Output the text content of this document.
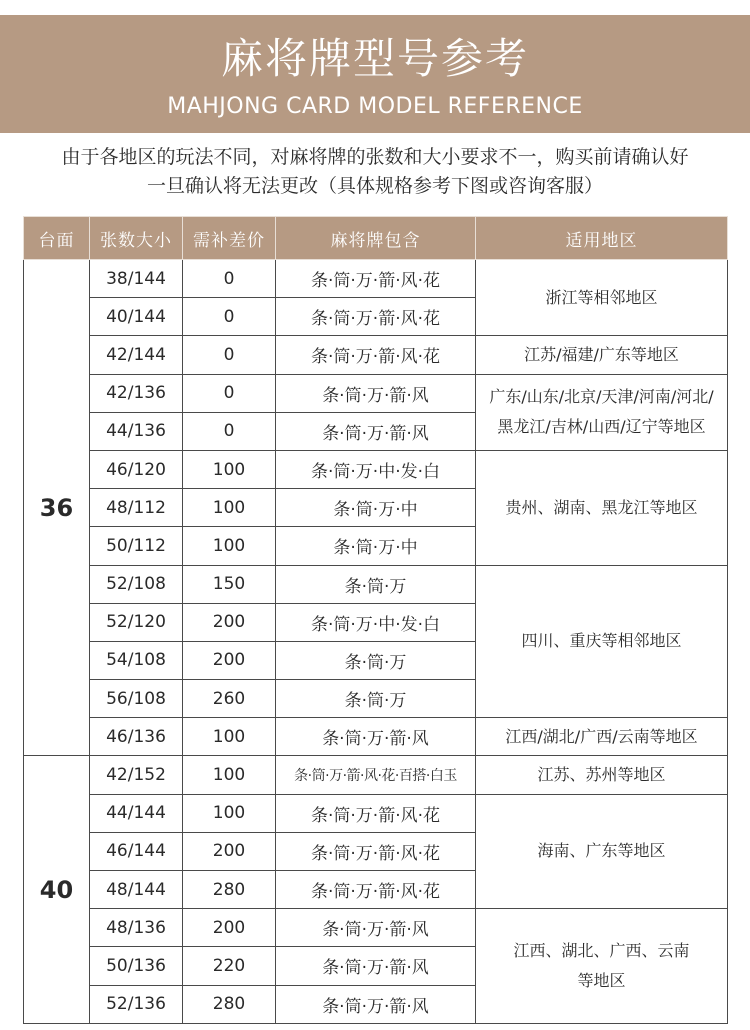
麻将牌型号参考
MAHJONG CARD MODEL REFERENCE
由于各地区的玩法不同，对麻将牌的张数和大小要求不一，购买前请确认好
一旦确认将无法更改（具体规格参考下图或咨询客服）
台面	张数大小	需补差价	麻将牌包含	适用地区
36	38/144	0	条·筒·万·箭·风·花	浙江等相邻地区
	40/144	0	条·筒·万·箭·风·花	
	42/144	0	条·筒·万·箭·风·花	江苏/福建/广东等地区
	42/136	0	条·筒·万·箭·风	广东/山东/北京/天津/河南/河北/
黑龙江/吉林/山西/辽宁等地区

	44/136	0	条·筒·万·箭·风	
	46/120	100	条·筒·万·中·发·白	贵州、湖南、黑龙江等地区
	48/112	100	条·筒·万·中	
	50/112	100	条·筒·万·中	
	52/108	150	条·筒·万	四川、重庆等相邻地区
	52/120	200	条·筒·万·中·发·白	
	54/108	200	条·筒·万	
	56/108	260	条·筒·万	
	46/136	100	条·筒·万·箭·风	江西/湖北/广西/云南等地区
40	42/152	100	条·筒·万·箭·风·花·百搭·白玉	江苏、苏州等地区
	44/144	100	条·筒·万·箭·风·花	海南、广东等地区
	46/144	200	条·筒·万·箭·风·花	
	48/144	280	条·筒·万·箭·风·花	
	48/136	200	条·筒·万·箭·风	江西、湖北、广西、云南
等地区

	50/136	220	条·筒·万·箭·风	
	52/136	280	条·筒·万·箭·风	
